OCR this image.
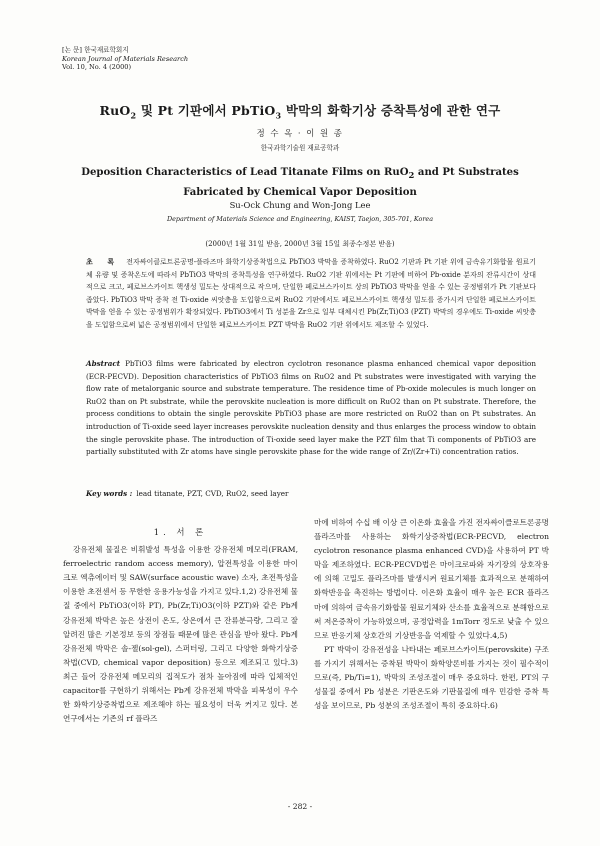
[논 문] 한국재료학회지
Korean Journal of Materials Research
Vol. 10, No. 4 (2000)
RuO$_2$ 및 Pt 기판에서 PbTiO$_3$ 박막의 화학기상 증착특성에 관한 연구
정 수 옥 · 이 원 종
한국과학기술원 재료공학과
Deposition Characteristics of Lead Titanate Films on RuO$_2$ and Pt Substrates
Fabricated by Chemical Vapor Deposition
Su-Ock Chung and Won-Jong Lee
Department of Materials Science and Engineering, KAIST, Taejon, 305-701, Korea
(2000년 1월 31일 받음, 2000년 3월 15일 최종수정본 받음)
초 록 전자싸이클로트론공명-플라즈마 화학기상증착법으로 PbTiO3 박막을 증착하였다. RuO2 기판과 Pt 기판 위에 금속유기화합물 원료기체 유량 및 증착온도에 따라서 PbTiO3 박막의 증착특성을 연구하였다. RuO2 기판 위에서는 Pt 기판에 비하여 Pb-oxide 분자의 잔류시간이 상대적으로 크고, 페로브스카이트 핵생성 밀도는 상대적으로 작으며, 단일한 페로브스카이트 상의 PbTiO3 박막을 얻을 수 있는 공정범위가 Pt 기판보다 좁았다. PbTiO3 박막 증착 전 Ti-oxide 씨앗층을 도입함으로써 RuO2 기판에서도 페로브스카이트 핵생성 밀도를 증가시켜 단일한 페로브스카이트 박막을 얻을 수 있는 공정범위가 확장되었다. PbTiO3에서 Ti 성분을 Zr으로 일부 대체시킨 Pb(Zr,Ti)O3 (PZT) 박막의 경우에도 Ti-oxide 씨앗층을 도입함으로써 넓은 공정범위에서 단일한 페로브스카이트 PZT 박막을 RuO2 기판 위에서도 제조할 수 있었다.
Abstract PbTiO3 films were fabricated by electron cyclotron resonance plasma enhanced chemical vapor deposition (ECR-PECVD). Deposition characteristics of PbTiO3 films on RuO2 and Pt substrates were investigated with varying the flow rate of metalorganic source and substrate temperature. The residence time of Pb-oxide molecules is much longer on RuO2 than on Pt substrate, while the perovskite nucleation is more difficult on RuO2 than on Pt substrate. Therefore, the process conditions to obtain the single perovskite PbTiO3 phase are more restricted on RuO2 than on Pt substrates. An introduction of Ti-oxide seed layer increases perovskite nucleation density and thus enlarges the process window to obtain the single perovskite phase. The introduction of Ti-oxide seed layer make the PZT film that Ti components of PbTiO3 are partially substituted with Zr atoms have single perovskite phase for the wide range of Zr/(Zr+Ti) concentration ratios.
Key words : lead titanate, PZT, CVD, RuO2, seed layer
1. 서 론

강유전체 물질은 비휘발성 특성을 이용한 강유전체 메모리(FRAM, ferroelectric random access memory), 압전특성을 이용한 마이크로 엑츄에이터 및 SAW(surface acoustic wave) 소자, 초전특성을 이용한 초전센서 등 무한한 응용가능성을 가지고 있다.1,2) 강유전체 물질 중에서 PbTiO3(이하 PT), Pb(Zr,Ti)O3(이하 PZT)와 같은 Pb계 강유전체 박막은 높은 상전이 온도, 상온에서 큰 잔류분극량, 그리고 잘 알려진 많은 기본정보 등의 장점들 때문에 많은 관심을 받아 왔다. Pb계 강유전체 박막은 솔-젤(sol-gel), 스퍼터링, 그리고 다양한 화학기상증착법(CVD, chemical vapor deposition) 등으로 제조되고 있다.3) 최근 들어 강유전체 메모리의 집적도가 점차 높아짐에 따라 입체적인 capacitor를 구현하기 위해서는 Pb계 강유전체 박막을 피복성이 우수한 화학기상증착법으로 제조해야 하는 필요성이 더욱 커지고 있다. 본 연구에서는 기존의 rf 플라즈

마에 비하여 수십 배 이상 큰 이온화 효율을 가진 전자싸이클로트론공명 플라즈마를 사용하는 화학기상증착법(ECR-PECVD, electron cyclotron resonance plasma enhanced CVD)을 사용하여 PT 박막을 제조하였다. ECR-PECVD법은 마이크로파와 자기장의 상호작용에 의해 고밀도 플라즈마를 발생시켜 원료기체를 효과적으로 분해하여 화학반응을 촉진하는 방법이다. 이온화 효율이 매우 높은 ECR 플라즈마에 의하여 금속유기화합물 원료기체와 산소를 효율적으로 분해함으로써 저온증착이 가능하였으며, 공정압력을 1mTorr 정도로 낮출 수 있으므로 반응기체 상호간의 기상반응을 억제할 수 있었다.4,5)

PT 박막이 강유전성을 나타내는 페로브스카이트(perovskite) 구조를 가지기 위해서는 증착된 박막이 화학양론비를 가지는 것이 필수적이므로(즉, Pb/Ti=1), 박막의 조성조절이 매우 중요하다. 한편, PT의 구성물질 중에서 Pb 성분은 기판온도와 기판물질에 매우 민감한 증착 특성을 보이므로, Pb 성분의 조성조절이 특히 중요하다.6)

- 282 -
